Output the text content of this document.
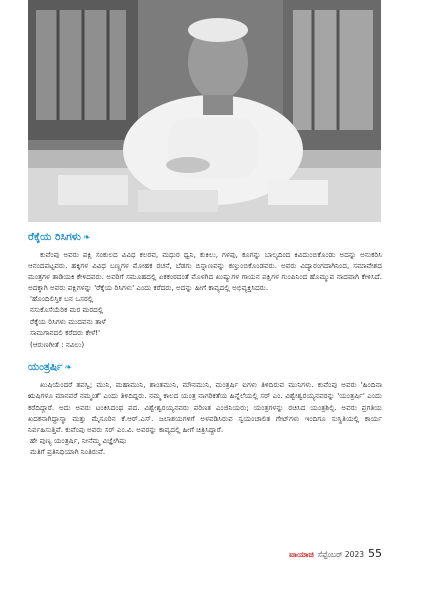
ರೆಕ್ಕೆಯ ರಿಸಿಗಳು ❧

ಕುವೆಂಪು ಅವರು ಪಕ್ಷಿ ಸಂಕುಲದ ವಿವಿಧ ಕಲರವ, ಮಧುರ ಧ್ವನಿ, ಕುಕಿಲು, ಗಳಪು, ಕೂಗನ್ನು ಬಾಲ್ಯದಿಂದ ಕಿವಿದುಂಬಿಕೊಂಡು ಅದನ್ನು ಅನುಕರಿಸಿ ಆನಂದಪಟ್ಟವರು. ಹಕ್ಕಿಗಳ ವಿವಿಧ ಬಣ್ಣಗಳ ಮೋಹಕ ರಚನೆ, ಬೆಡಗು ಬಿನ್ನಾಣವನ್ನು ಕಣ್ತುಂಬಿಕೊಂಡವರು. ಅವರು ವಿದ್ಯಾರಂಗದಾಗಿನಿಂದ, ಸಮಾವೇಶದ ಮಂತ್ರಗಳ ತಾಡಿಯಕಿ ಕೇಳಿದವರು. ಅವರಿಗೆ ಸಮೂಹದಲ್ಲಿ ಏಕಕಂಠದಂತೆ ಮೊಳಗಿದ ಖುಷ್ಯುಗಳ ಗಾಯನ ಪಕ್ಷಿಗಳ ಗುಂಪಿನಿಂದ ಹೊಮ್ಮುವ ನಾದವಾಗಿ ಕೇಳಿಸಿದೆ. ಅದಕ್ಕಾಗಿ ಅವರು ಪಕ್ಷಿಗಳನ್ನು 'ರೆಕ್ಕೆಯ ರಿಸಿಗಳು' ಎಂದು ಕರೆದರು, ಅದನ್ನು ಹೀಗೆ ಕಾವ್ಯದಲ್ಲಿ ಅಭಿವ್ಯಕ್ತಿಸಿದರು.

'ಹೊಂದಿಲಿಸ್ತಿಕ ಬನ ಒಸರಲ್ಲಿ
ನಸುಕೊಸೆಯೆರಿಕ ಮರ ಮರದಲ್ಲಿ
ರೆಕ್ಕೆಯ ರಿಸಿಗಳು ಮುದವನು ತಾಳೆ
ಸಾಮಗಾನದಲಿ ಕರೆದರು ಕೇಳೆ!'
(ಆರುಣಗೀತೆ : ನವಿಲು)
ಯಂತ್ರರ್ಷಿ ❧

ಖುಷಿಯೆಂದರೆ ತಪಸ್ವಿ; ಮುನಿ, ಮಹಾಮುನಿ, ಶಾಂತಮುನಿ, ಮೌನಮುನಿ, ಮಂತ್ರರ್ಷಿ ಐಗಳು ತಿಳಿದಿರುವ ಮುನಿಗಳು. ಕುವೆಂಪು ಅವರು 'ಹಿಂದಿನಾ ಋಷಿಗಳೂ ಮಾನವರೆ ನಮ್ಮಂತೆ' ಎಂದು ತಿಳಿದಿದ್ದರು. ನಮ್ಮ ಕಾಲದ ಯಂತ್ರ ನಾಗರಿಕತೆಯ ಹಿನ್ನೆಲೆಯಲ್ಲಿ ಸರ್ ಎಂ. ವಿಶ್ವೇಶ್ವರಯ್ಯನವರನ್ನು 'ಯಂತ್ರರ್ಷಿ' ಎಂದು ಕರೆದಿದ್ದಾರೆ. ಅದು ಅವರು ಟಂಕಿಸಿದಂಥ ಪದ. ವಿಶ್ವೇಶ್ವರಯ್ಯನವರು ಪರಿಣತ ಎಂಜಿನಿಯರು; ಯಂತ್ರಗಳನ್ನು ರಚಿಸಿದ ಯಂತ್ರಶಿಲ್ಪಿ. ಅವರು ಪ್ರಗತಿಯ ಖದಕನಾಗಿದ್ದಾಸ್ಮಾ ಮತ್ತು ಮೈಸೂರಿನ ಕೆ.ಆರ್.ಎಸ್. ಜಲಾಶಯಗಳಿಗೆ ಅಳವಡಿಸಿರುವ ಸ್ವಯಂಚಾಲಿತ ಗೇಟ್‌ಗಳು ಇಂದಿಗೂ ಸುಸ್ಥಿತಿಯಲ್ಲಿ ಕಾರ್ಯ ನಿರ್ವಹಿಸುತ್ತಿವೆ. ಕುವೆಂಪು ಅವರು ಸರ್ ಎಂ.ವಿ. ಅವರನ್ನು ಕಾವ್ಯದಲ್ಲಿ ಹೀಗೆ ಚಿತ್ರಿಸಿದ್ದಾರೆ.

ಹೇ ಪುಣ್ಯ ಯಂತ್ರರ್ಷಿ, ನೀನೆಮ್ಮ ವಿಜ್ಞೇಗಿಷು
ಮತಿಗೆ ಪ್ರತಿನಿಧಿಯಾಗಿ ನಿಂತಿರುವೆ.
ವಾಯಾಚಿ ಸೆಪ್ಟೆಂಬರ್ 2023 55
